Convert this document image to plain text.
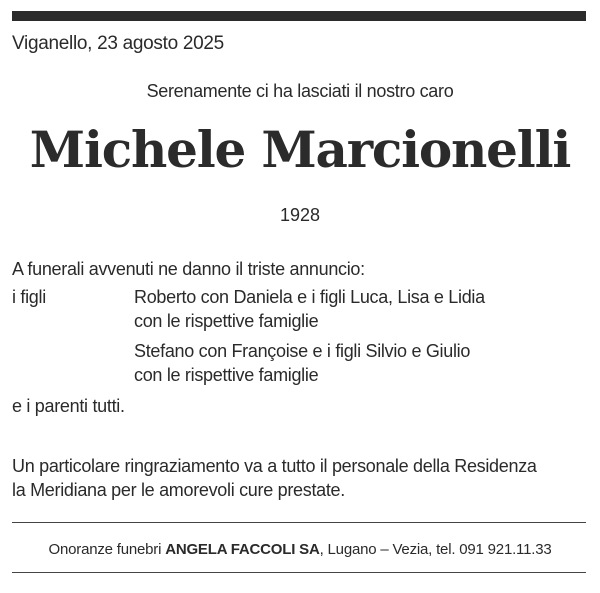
Viganello, 23 agosto 2025
Serenamente ci ha lasciati il nostro caro
Michele Marcionelli
1928
A funerali avvenuti ne danno il triste annuncio:
i figli	Roberto con Daniela e i figli Luca, Lisa e Lidia
con le rispettive famiglie
Stefano con Françoise e i figli Silvio e Giulio
con le rispettive famiglie
e i parenti tutti.
Un particolare ringraziamento va a tutto il personale della Residenza
la Meridiana per le amorevoli cure prestate.
Onoranze funebri ANGELA FACCOLI SA, Lugano – Vezia, tel. 091 921.11.33
